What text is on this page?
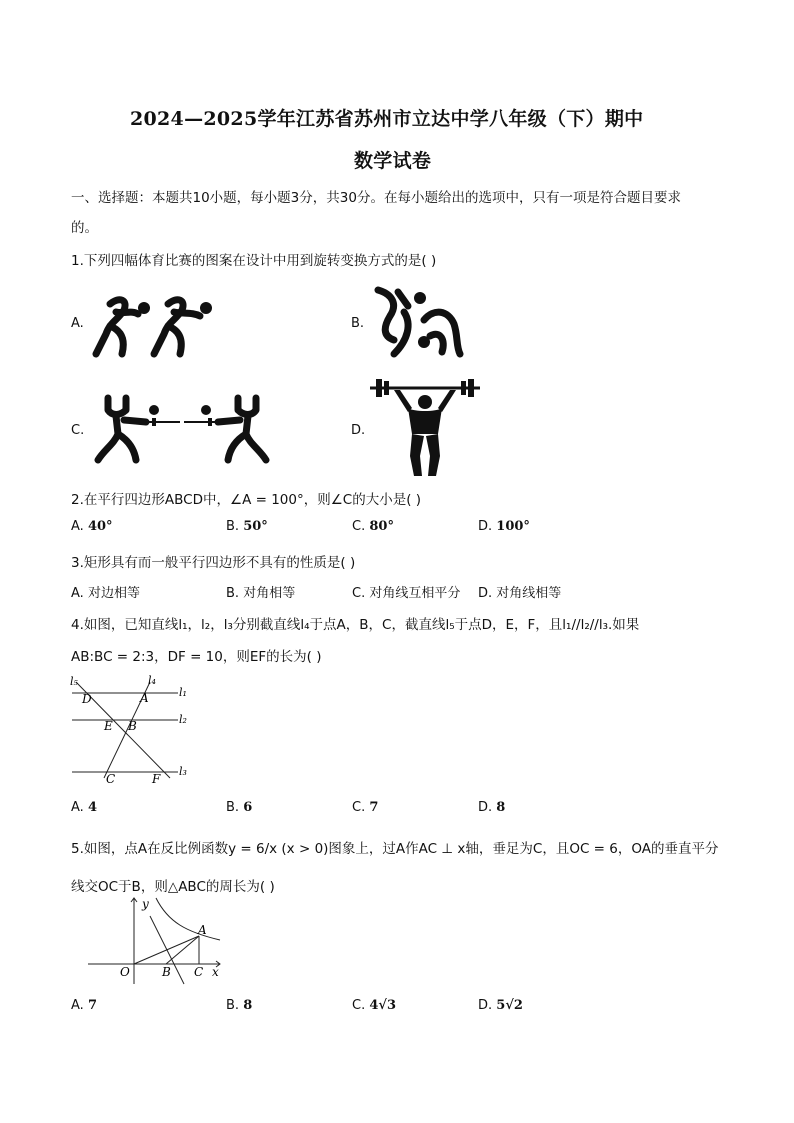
2024—2025学年江苏省苏州市立达中学八年级（下）期中
数学试卷
一、选择题：本题共10小题，每小题3分，共30分。在每小题给出的选项中，只有一项是符合题目要求
的。
1.下列四幅体育比赛的图案在设计中用到旋转变换方式的是( )
A.	B.
C.	D.
2.在平行四边形ABCD中，∠A = 100°，则∠C的大小是( )
A. 40°	B. 50°	C. 80°	D. 100°
3.矩形具有而一般平行四边形不具有的性质是( )
A. 对边相等	B. 对角相等	C. 对角线互相平分 D. 对角线相等
4.如图，已知直线l₁，l₂，l₃分别截直线l₄于点A，B，C，截直线l₅于点D，E，F，且l₁//l₂//l₃.如果
AB:BC = 2:3，DF = 10，则EF的长为( )
l₅	l₄
l₁
l₂
l₃
D	A
E B
C	F
A. 4	B. 6	C. 7	D. 8
5.如图，点A在反比例函数y = 6/x (x > 0)图象上，过A作AC ⊥ x轴，垂足为C，且OC = 6，OA的垂直平分
线交OC于B，则△ABC的周长为( )
y
x
O
A
B C
A. 7	B. 8	C. 4√3	D. 5√2
